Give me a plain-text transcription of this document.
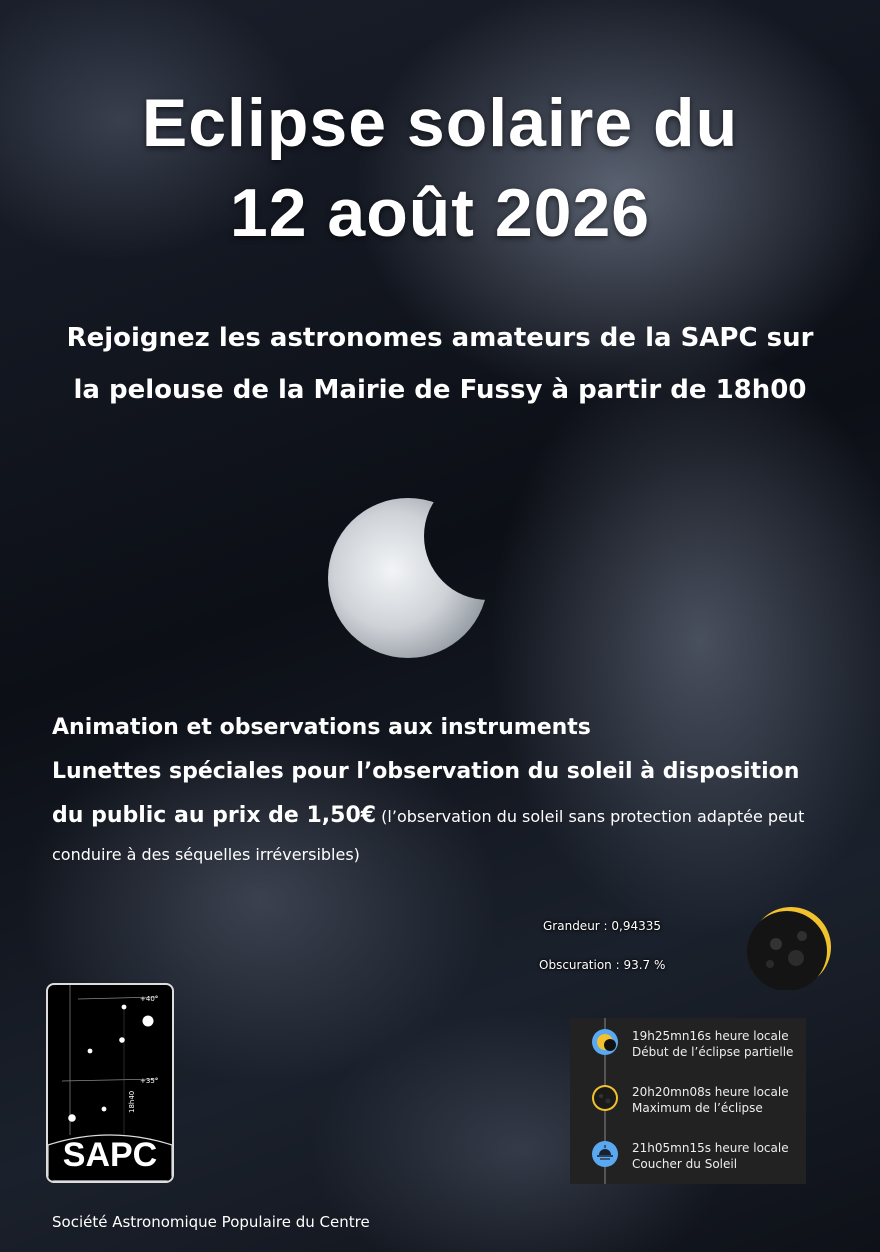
Eclipse solaire du
12 août 2026
Rejoignez les astronomes amateurs de la SAPC sur
la pelouse de la Mairie de Fussy à partir de 18h00
Animation et observations aux instruments
Lunettes spéciales pour l’observation du soleil à disposition
du public au prix de 1,50€ (l’observation du soleil sans protection adaptée peut
conduire à des séquelles irréversibles)
Grandeur : 0,94335
Obscuration : 93.7 %
+40°
+35°
18h40
SAPC
Société Astronomique Populaire du Centre
19h25mn16s heure locale
Début de l’éclipse partielle
20h20mn08s heure locale
Maximum de l’éclipse
21h05mn15s heure locale
Coucher du Soleil
